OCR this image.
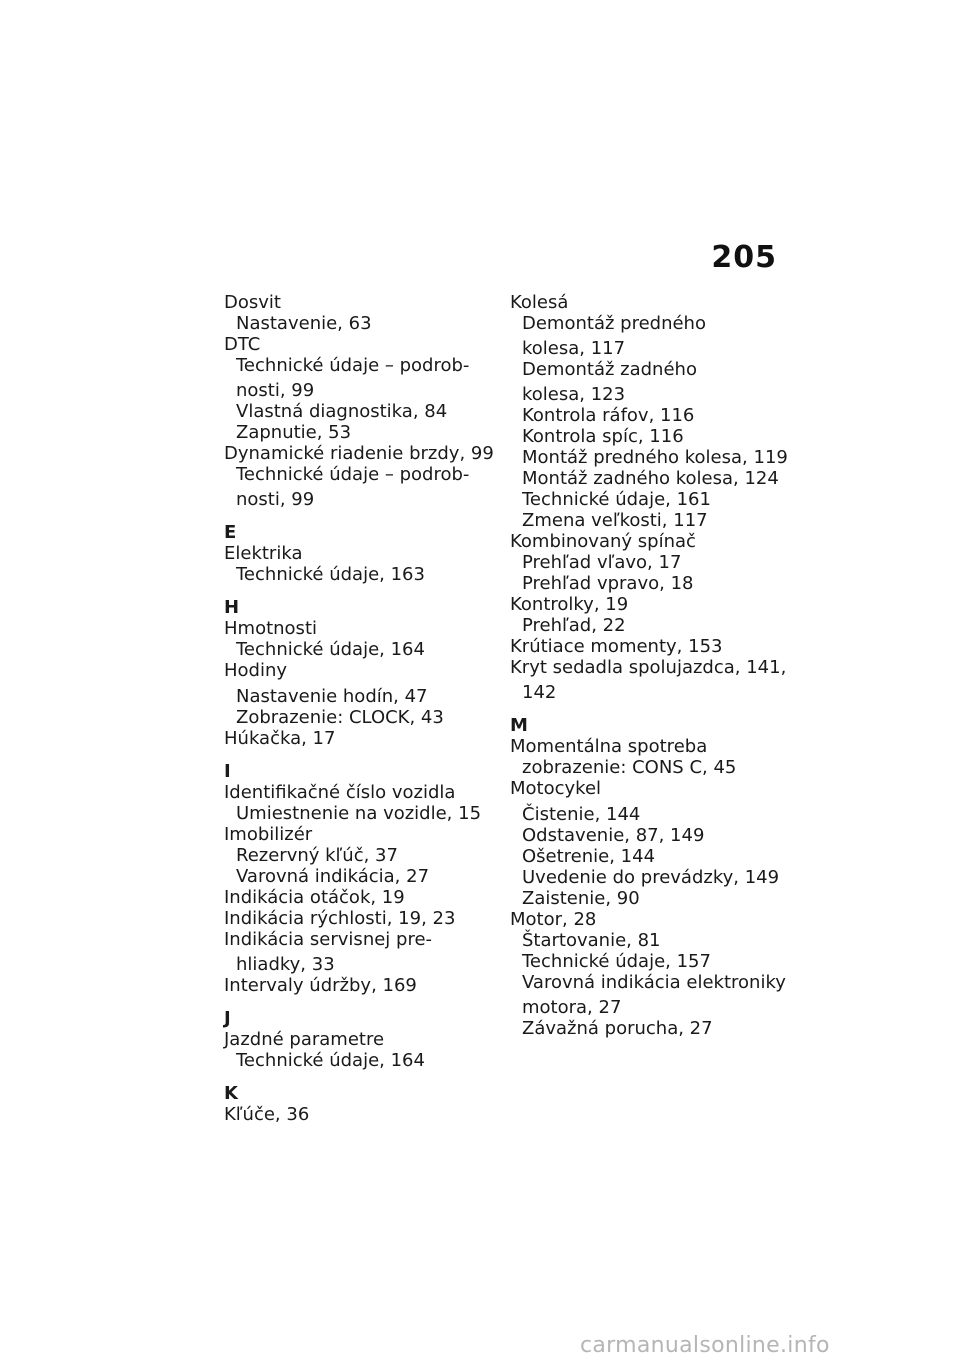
205
Dosvit
Nastavenie, 63
DTC
Technické údaje – podrob-
nosti, 99
Vlastná diagnostika, 84
Zapnutie, 53
Dynamické riadenie brzdy, 99
Technické údaje – podrob-
nosti, 99
E
Elektrika
Technické údaje, 163
H
Hmotnosti
Technické údaje, 164
Hodiny
Nastavenie hodín, 47
Zobrazenie: CLOCK, 43
Húkačka, 17
I
Identifikačné číslo vozidla
Umiestnenie na vozidle, 15
Imobilizér
Rezervný kľúč, 37
Varovná indikácia, 27
Indikácia otáčok, 19
Indikácia rýchlosti, 19, 23
Indikácia servisnej pre-
hliadky, 33
Intervaly údržby, 169
J
Jazdné parametre
Technické údaje, 164
K
Kľúče, 36
Kolesá
Demontáž predného
kolesa, 117
Demontáž zadného
kolesa, 123
Kontrola ráfov, 116
Kontrola spíc, 116
Montáž predného kolesa, 119
Montáž zadného kolesa, 124
Technické údaje, 161
Zmena veľkosti, 117
Kombinovaný spínač
Prehľad vľavo, 17
Prehľad vpravo, 18
Kontrolky, 19
Prehľad, 22
Krútiace momenty, 153
Kryt sedadla spolujazdca, 141,
142
M
Momentálna spotreba
zobrazenie: CONS C, 45
Motocykel
Čistenie, 144
Odstavenie, 87, 149
Ošetrenie, 144
Uvedenie do prevádzky, 149
Zaistenie, 90
Motor, 28
Štartovanie, 81
Technické údaje, 157
Varovná indikácia elektroniky
motora, 27
Závažná porucha, 27
carmanualsonline.info
